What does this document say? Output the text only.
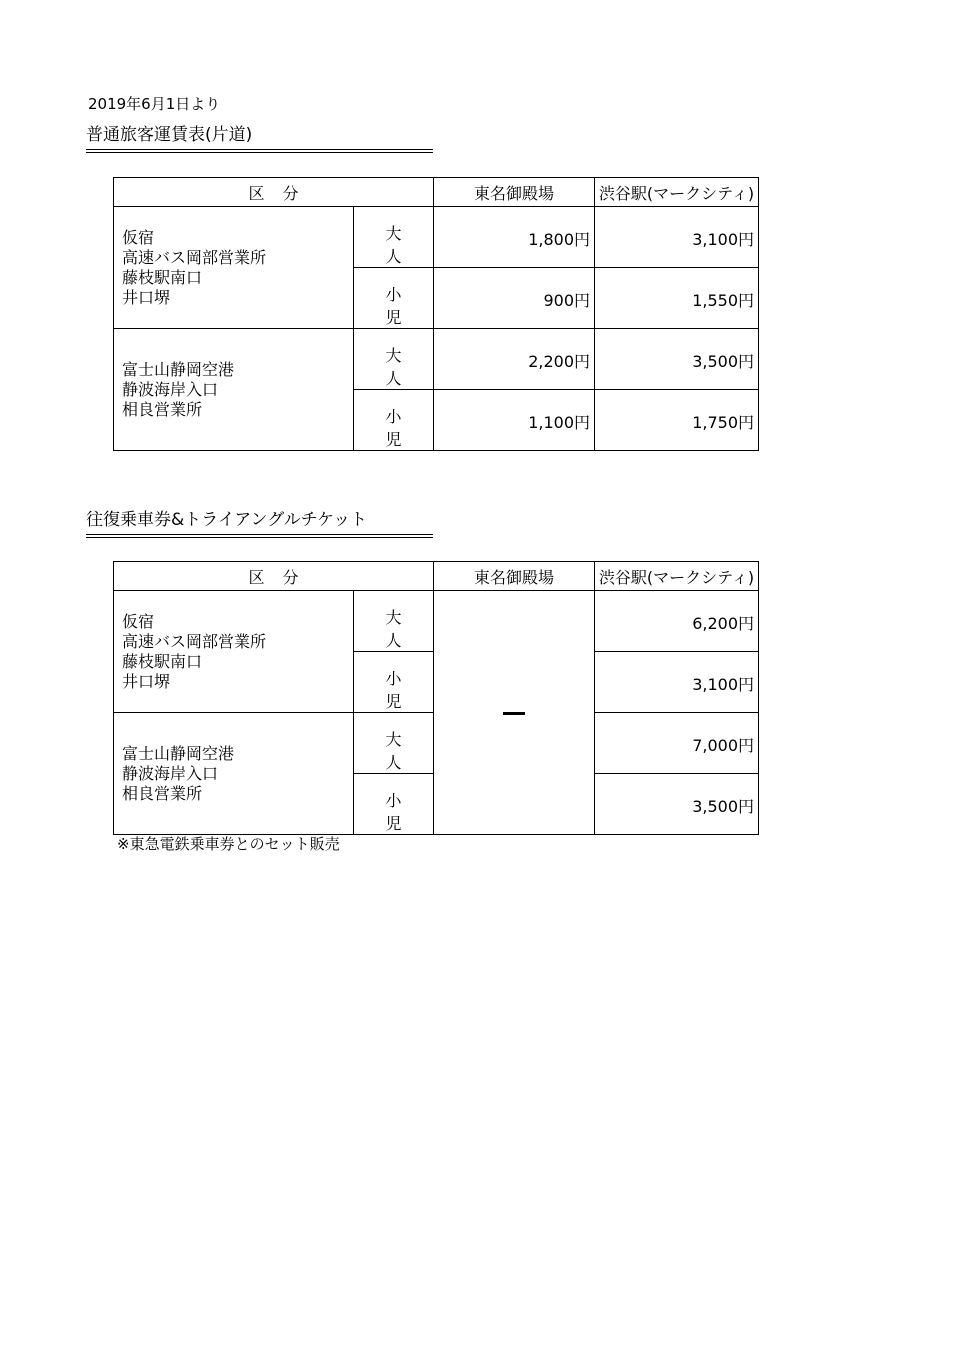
2019年6月1日より
普通旅客運賃表(片道)
区分		東名御殿場	渋谷駅(マークシティ)

仮宿
高速バス岡部営業所
藤枝駅南口
井口堺	大人	1,800円	3,100円
	小児	900円	1,550円

富士山静岡空港
静波海岸入口
相良営業所	大人	2,200円	3,500円
	小児	1,100円	1,750円
往復乗車券&トライアングルチケット
区分		東名御殿場	渋谷駅(マークシティ)

仮宿
高速バス岡部営業所
藤枝駅南口
井口堺	大人		6,200円
	小児		3,100円

富士山静岡空港
静波海岸入口
相良営業所	大人		7,000円
	小児		3,500円
※東急電鉄乗車券とのセット販売
